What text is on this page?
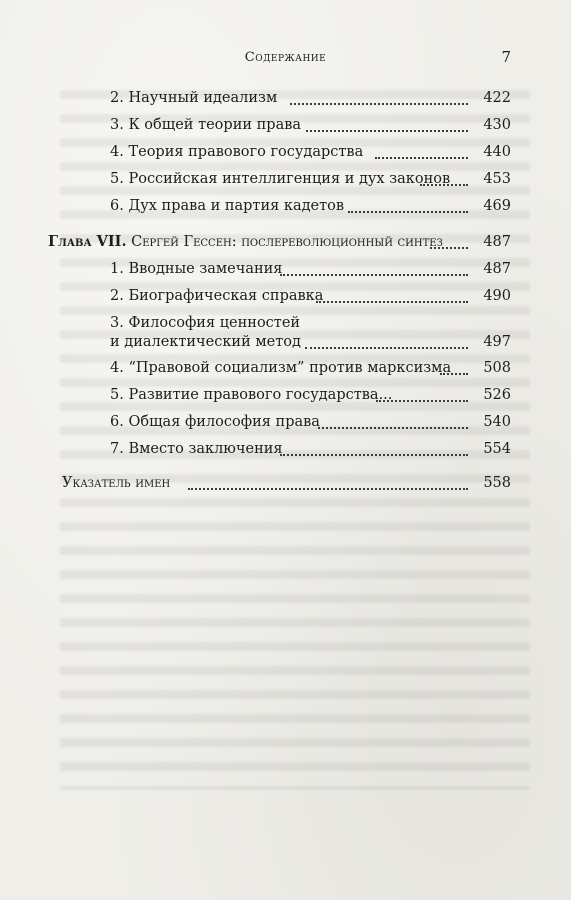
Содержание	7
2. Научный идеализм	422
3. К общей теории права	430
4. Теория правового государства	440
5. Российская интеллигенция и дух законов 453
6. Дух права и партия кадетов	469
Глава VII. Сергей Гессен: послереволюционный синтез	487
1. Вводные замечания	487
2. Биографическая справка	490
3. Философия ценностей
и диалектический метод	497
4. “Правовой социализм” против марксизма 508
5. Развитие правового государства...	526
6. Общая философия права	540
7. Вместо заключения	554
Указатель имен	558
